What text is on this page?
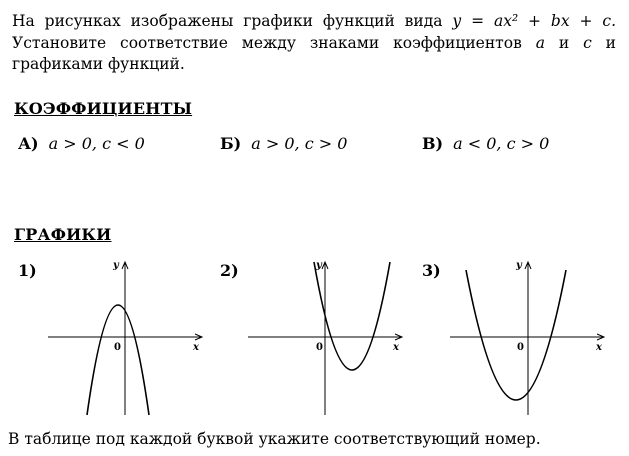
На рисунках изображены графики функций вида y = ax² + bx + c. Установите соответствие между знаками коэффициентов a и c и графиками функций.
КОЭФФИЦИЕНТЫ
А) a > 0, c < 0	Б) a > 0, c > 0	В) a < 0, c > 0
ГРАФИКИ
1)	y
x
0
2)	y
x
0
3)	y
x
0
В таблице под каждой буквой укажите соответствующий номер.
